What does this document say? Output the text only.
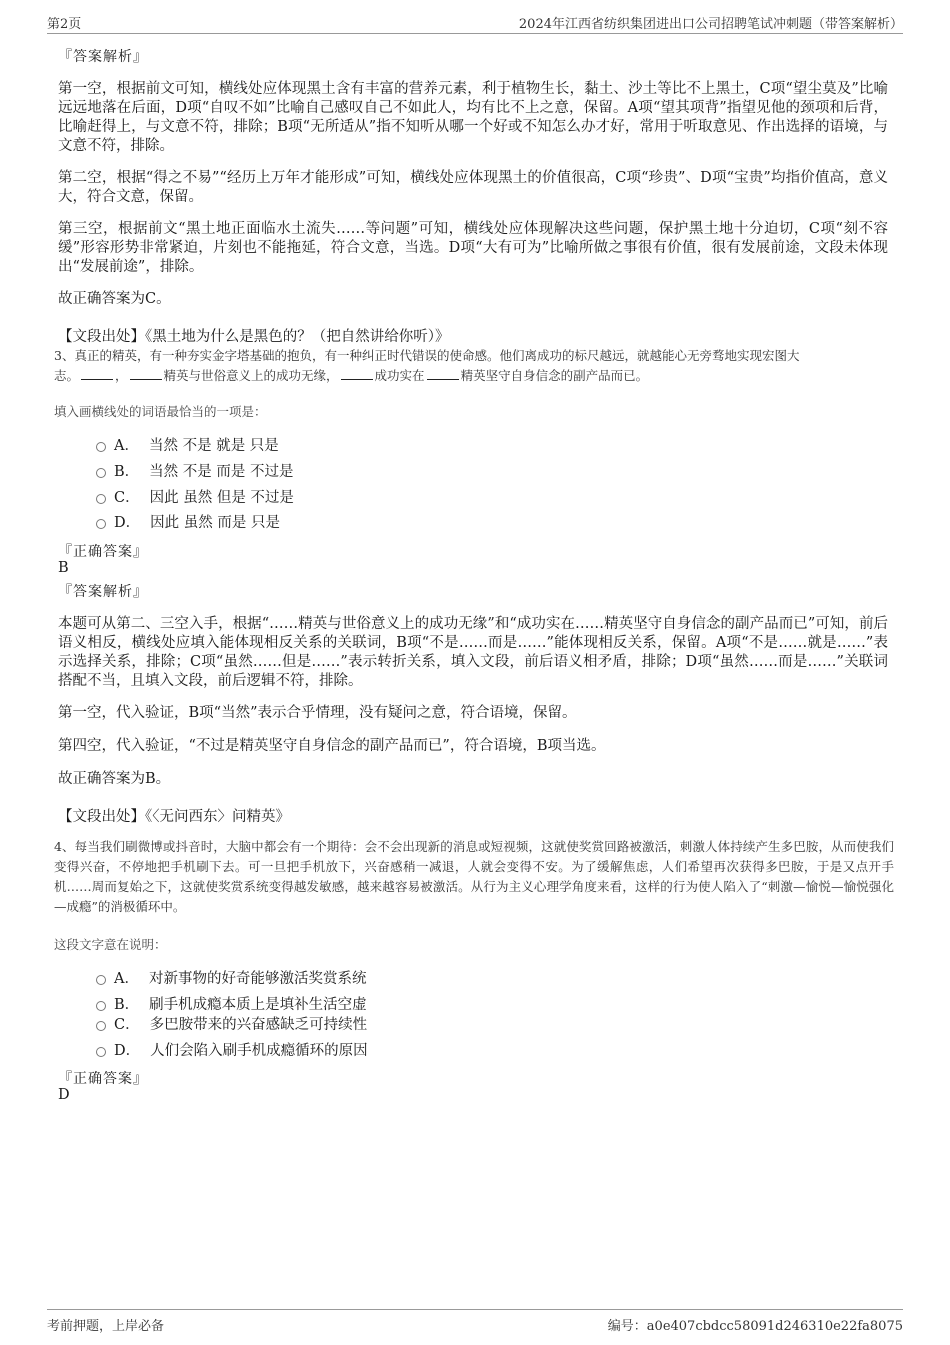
第2页	2024年江西省纺织集团进出口公司招聘笔试冲刺题（带答案解析）
『答案解析』
第一空，根据前文可知，横线处应体现黑土含有丰富的营养元素，利于植物生长，黏土、沙土等比不上黑土，C项“望尘莫及”比喻远远地落在后面，D项“自叹不如”比喻自己感叹自己不如此人，均有比不上之意，保留。A项“望其项背”指望见他的颈项和后背，比喻赶得上，与文意不符，排除；B项“无所适从”指不知听从哪一个好或不知怎么办才好，常用于听取意见、作出选择的语境，与文意不符，排除。
第二空，根据“得之不易”“经历上万年才能形成”可知，横线处应体现黑土的价值很高，C项“珍贵”、D项“宝贵”均指价值高，意义大，符合文意，保留。
第三空，根据前文“黑土地正面临水土流失……等问题”可知，横线处应体现解决这些问题，保护黑土地十分迫切，C项“刻不容缓”形容形势非常紧迫，片刻也不能拖延，符合文意，当选。D项“大有可为”比喻所做之事很有价值，很有发展前途，文段未体现出“发展前途”，排除。
故正确答案为C。
【文段出处】《黑土地为什么是黑色的？（把自然讲给你听）》
3、真正的精英，有一种夯实金字塔基础的抱负，有一种纠正时代错误的使命感。他们离成功的标尺越远，就越能心无旁骛地实现宏图大
志。	，	精英与世俗意义上的成功无缘，	成功实在	精英坚守自身信念的副产品而已。
填入画横线处的词语最恰当的一项是：
A． 当然 不是 就是 只是
B． 当然 不是 而是 不过是
C． 因此 虽然 但是 不过是
D． 因此 虽然 而是 只是
『正确答案』
B
『答案解析』
本题可从第二、三空入手，根据“……精英与世俗意义上的成功无缘”和“成功实在……精英坚守自身信念的副产品而已”可知，前后语义相反，横线处应填入能体现相反关系的关联词，B项“不是……而是……”能体现相反关系，保留。A项“不是……就是……”表示选择关系，排除；C项“虽然……但是……”表示转折关系，填入文段，前后语义相矛盾，排除；D项“虽然……而是……”关联词搭配不当，且填入文段，前后逻辑不符，排除。
第一空，代入验证，B项“当然”表示合乎情理，没有疑问之意，符合语境，保留。
第四空，代入验证，“不过是精英坚守自身信念的副产品而已”，符合语境，B项当选。
故正确答案为B。
【文段出处】《〈无问西东〉问精英》
4、每当我们刷微博或抖音时，大脑中都会有一个期待：会不会出现新的消息或短视频，这就使奖赏回路被激活，刺激人体持续产生多巴胺，从而使我们变得兴奋，不停地把手机刷下去。可一旦把手机放下，兴奋感稍一减退，人就会变得不安。为了缓解焦虑，人们希望再次获得多巴胺，于是又点开手机……周而复始之下，这就使奖赏系统变得越发敏感，越来越容易被激活。从行为主义心理学角度来看，这样的行为使人陷入了“刺激—愉悦—愉悦强化—成瘾”的消极循环中。
这段文字意在说明：
A． 对新事物的好奇能够激活奖赏系统
B． 刷手机成瘾本质上是填补生活空虚
C． 多巴胺带来的兴奋感缺乏可持续性
D． 人们会陷入刷手机成瘾循环的原因
『正确答案』
D
考前押题，上岸必备	编号：a0e407cbdcc58091d246310e22fa8075
